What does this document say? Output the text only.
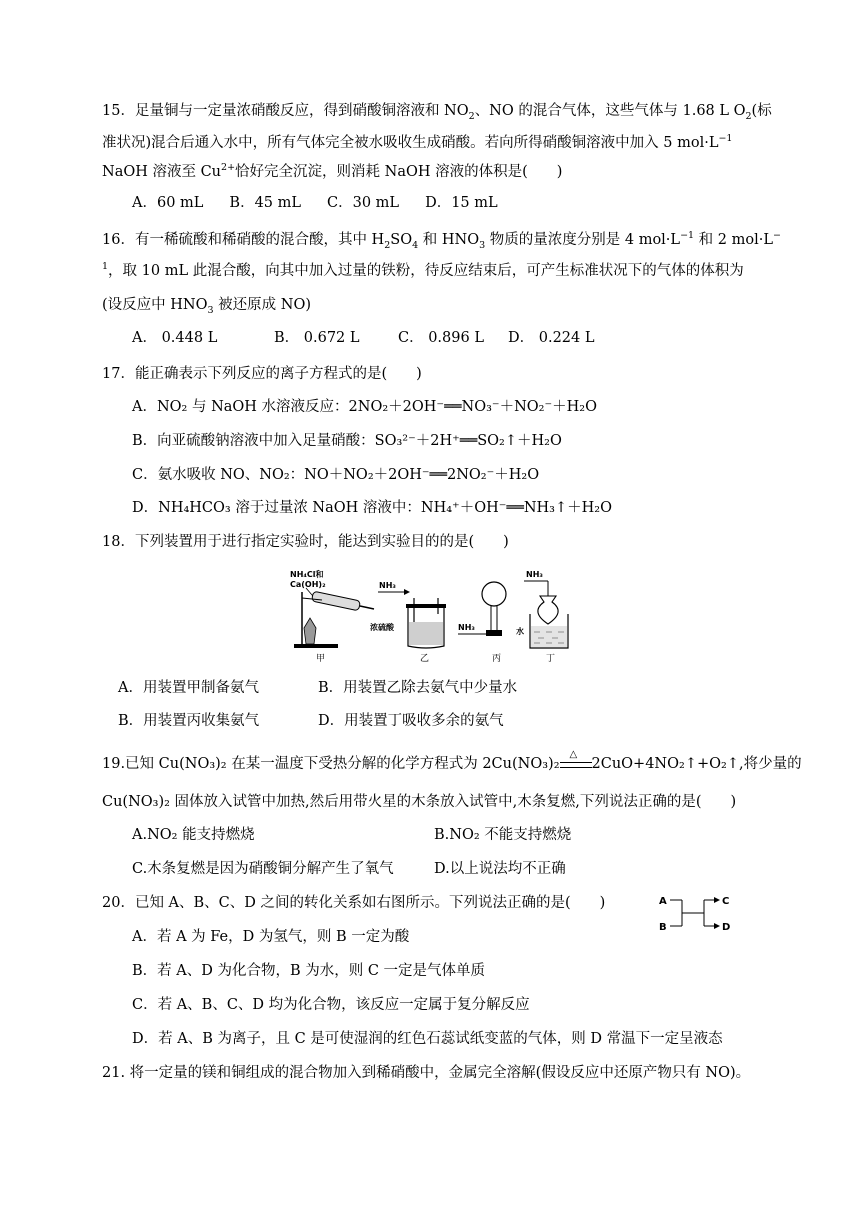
15．足量铜与一定量浓硝酸反应，得到硝酸铜溶液和 $NO_2$、NO 的混合气体，这些气体与 1.68 L $O_2$(标
准状况)混合后通入水中，所有气体完全被水吸收生成硝酸。若向所得硝酸铜溶液中加入 5 $mol\cdot L^{-1}$
NaOH 溶液至 $Cu^{2+}$恰好完全沉淀，则消耗 NaOH 溶液的体积是(　　)
A．60 mL B．45 mL C．30 mL D．15 mL
16．有一稀硫酸和稀硝酸的混合酸，其中 $H_2SO_4$ 和 $HNO_3$ 物质的量浓度分别是 4 $mol\cdot L^{-1}$ 和 2 mol·L−
$^1$，取 10 mL 此混合酸，向其中加入过量的铁粉，待反应结束后，可产生标准状况下的气体的体积为
(设反应中 $HNO_3$ 被还原成 NO)
A． 0.448 L	B． 0.672 L	C． 0.896 L D． 0.224 L
17．能正确表示下列反应的离子方程式的是(　　)
A．NO₂ 与 NaOH 水溶液反应：2NO₂＋2OH⁻══NO₃⁻＋NO₂⁻＋H₂O
B．向亚硫酸钠溶液中加入足量硝酸：SO₃²⁻＋2H⁺══SO₂↑＋H₂O
C．氨水吸收 NO、NO₂：NO＋NO₂＋2OH⁻══2NO₂⁻＋H₂O
D．NH₄HCO₃ 溶于过量浓 NaOH 溶液中：NH₄⁺＋OH⁻══NH₃↑＋H₂O
18．下列装置用于进行指定实验时，能达到实验目的的是(　　)
NH₄Cl和
Ca(OH)₂
甲
NH₃
浓硫酸
乙
NH₃
丙
NH₃
水
丁
A．用装置甲制备氨气	B．用装置乙除去氨气中少量水
B．用装置丙收集氨气	D．用装置丁吸收多余的氨气
19.已知 Cu(NO₃)₂ 在某一温度下受热分解的化学方程式为 2Cu(NO₃)₂
△
2CuO+4NO₂↑+O₂↑,将少量的
Cu(NO₃)₂ 固体放入试管中加热,然后用带火星的木条放入试管中,木条复燃,下列说法正确的是(　　)
A.NO₂ 能支持燃烧	B.NO₂ 不能支持燃烧
C.木条复燃是因为硝酸铜分解产生了氧气	D.以上说法均不正确
20．已知 A、B、C、D 之间的转化关系如右图所示。下列说法正确的是(　　)	A
B
C
D
A．若 A 为 Fe，D 为氢气，则 B 一定为酸
B．若 A、D 为化合物，B 为水，则 C 一定是气体单质
C．若 A、B、C、D 均为化合物，该反应一定属于复分解反应
D．若 A、B 为离子，且 C 是可使湿润的红色石蕊试纸变蓝的气体，则 D 常温下一定呈液态
21. 将一定量的镁和铜组成的混合物加入到稀硝酸中，金属完全溶解(假设反应中还原产物只有 NO)。
